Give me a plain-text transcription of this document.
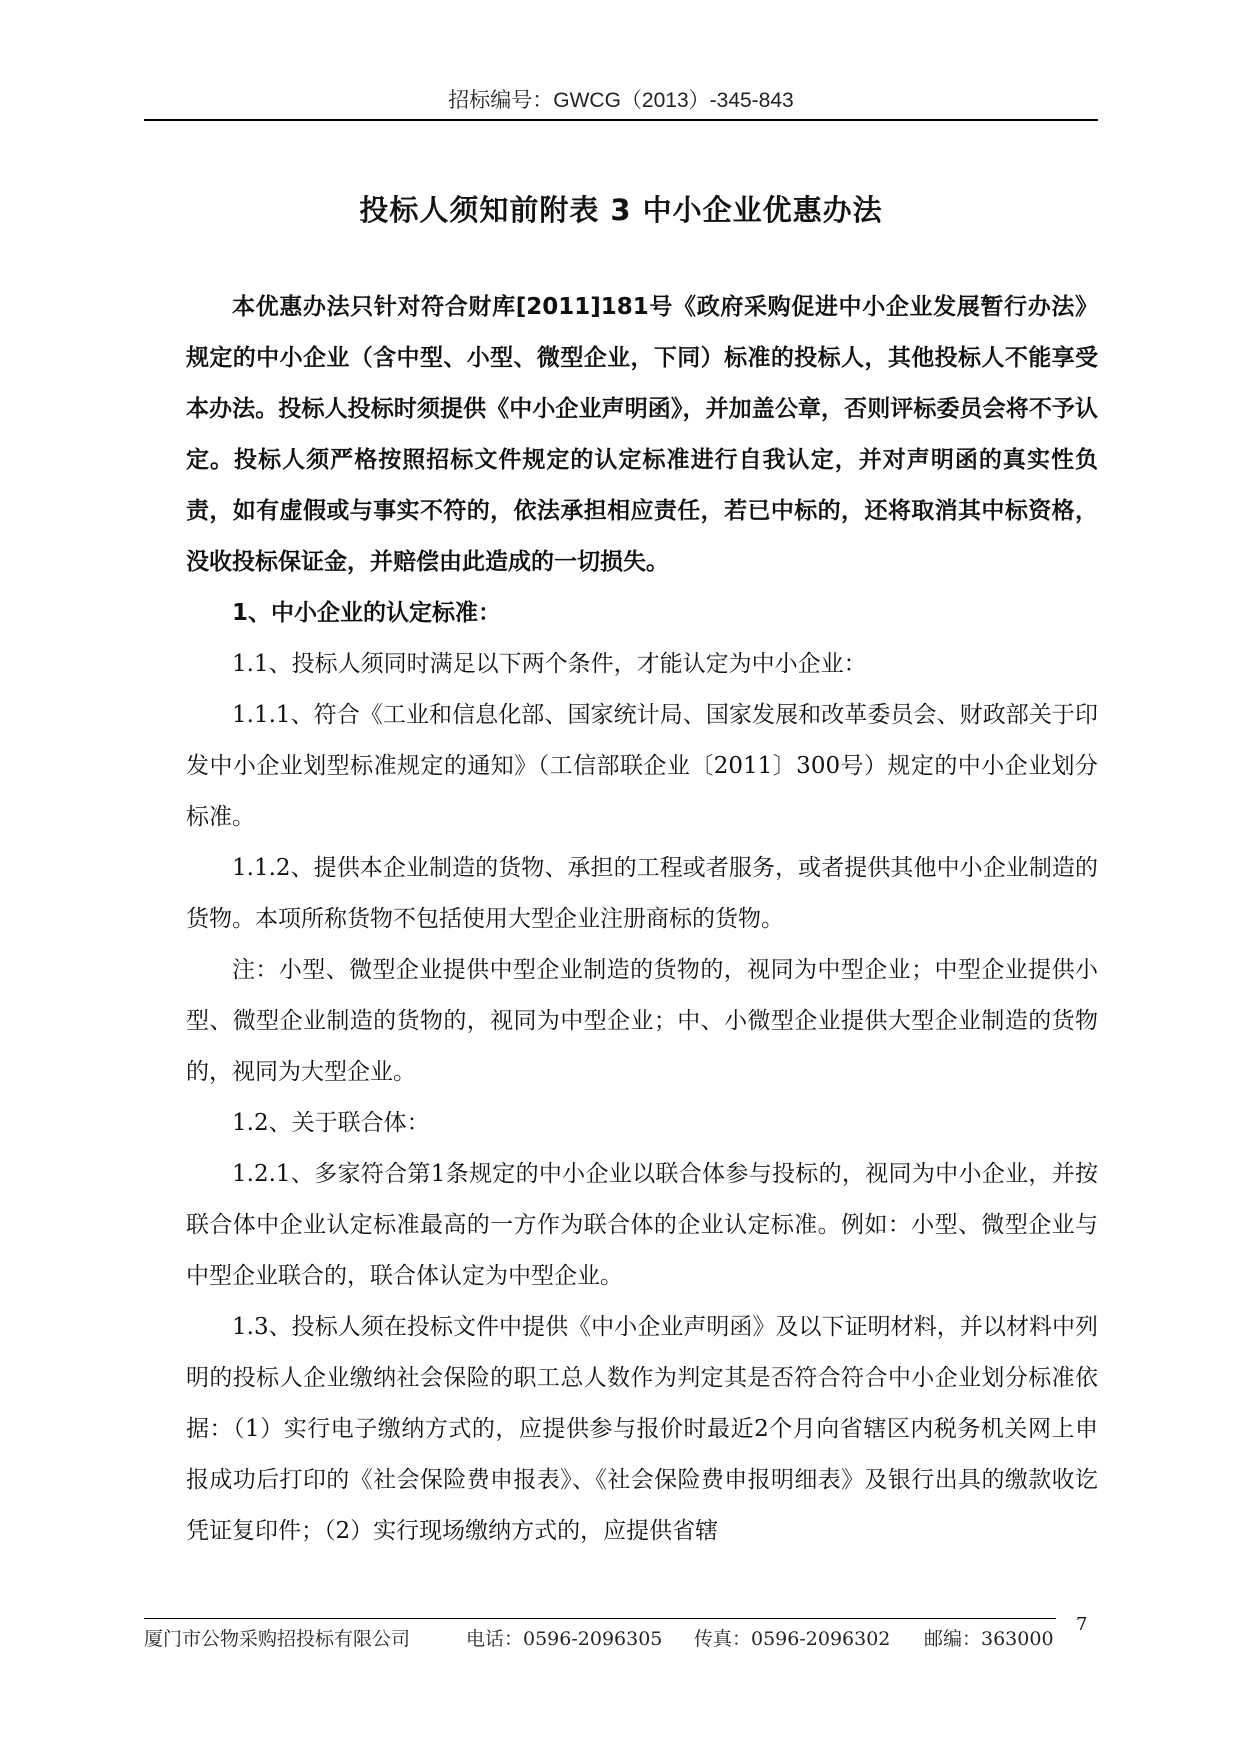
招标编号：GWCG（2013）-345-843
投标人须知前附表 3 中小企业优惠办法

本优惠办法只针对符合财库[2011]181号《政府采购促进中小企业发展暂行办法》规定的中小企业（含中型、小型、微型企业，下同）标准的投标人，其他投标人不能享受本办法。投标人投标时须提供《中小企业声明函》，并加盖公章，否则评标委员会将不予认定。投标人须严格按照招标文件规定的认定标准进行自我认定，并对声明函的真实性负责，如有虚假或与事实不符的，依法承担相应责任，若已中标的，还将取消其中标资格，没收投标保证金，并赔偿由此造成的一切损失。

1、中小企业的认定标准：

1.1、投标人须同时满足以下两个条件，才能认定为中小企业：

1.1.1、符合《工业和信息化部、国家统计局、国家发展和改革委员会、财政部关于印发中小企业划型标准规定的通知》（工信部联企业〔2011〕300号）规定的中小企业划分标准。

1.1.2、提供本企业制造的货物、承担的工程或者服务，或者提供其他中小企业制造的货物。本项所称货物不包括使用大型企业注册商标的货物。

注：小型、微型企业提供中型企业制造的货物的，视同为中型企业；中型企业提供小型、微型企业制造的货物的，视同为中型企业；中、小微型企业提供大型企业制造的货物的，视同为大型企业。

1.2、关于联合体：

1.2.1、多家符合第1条规定的中小企业以联合体参与投标的，视同为中小企业，并按联合体中企业认定标准最高的一方作为联合体的企业认定标准。例如：小型、微型企业与中型企业联合的，联合体认定为中型企业。

1.3、投标人须在投标文件中提供《中小企业声明函》及以下证明材料，并以材料中列明的投标人企业缴纳社会保险的职工总人数作为判定其是否符合符合中小企业划分标准依据：（1）实行电子缴纳方式的，应提供参与报价时最近2个月向省辖区内税务机关网上申报成功后打印的《社会保险费申报表》、《社会保险费申报明细表》及银行出具的缴款收讫凭证复印件；（2）实行现场缴纳方式的，应提供省辖

厦门市公物采购招投标有限公司	电话：0596-2096305 传真：0596-2096302 邮编：363000
7
